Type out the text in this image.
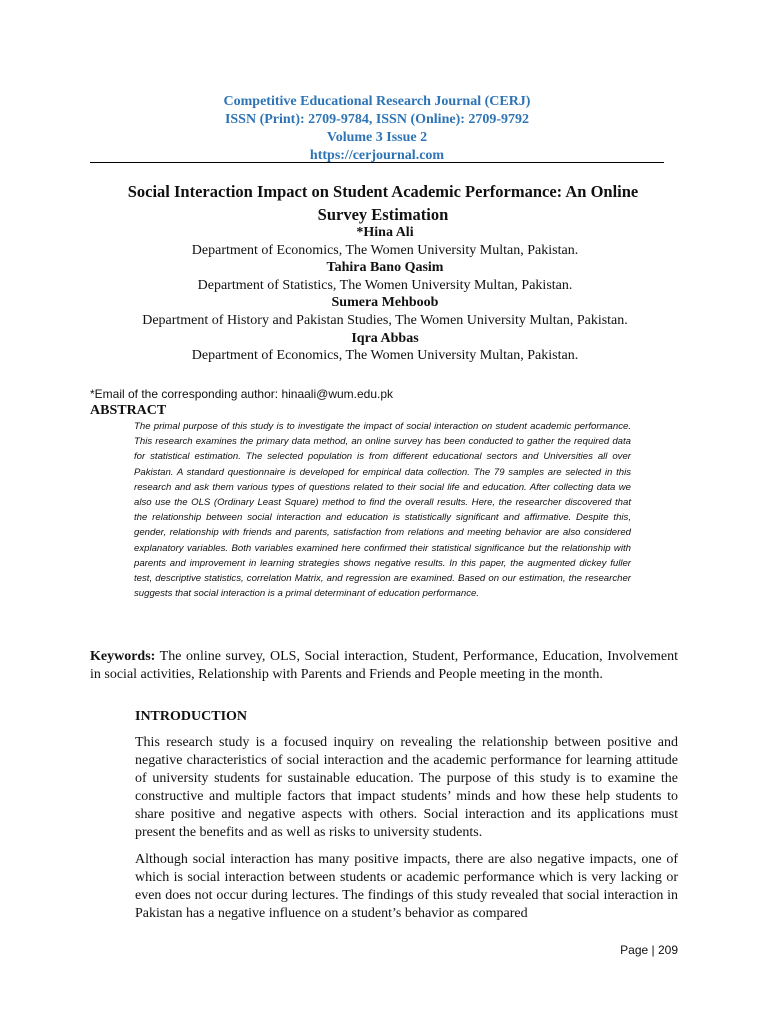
Competitive Educational Research Journal (CERJ)
ISSN (Print): 2709-9784, ISSN (Online): 2709-9792
Volume 3 Issue 2
https://cerjournal.com
Social Interaction Impact on Student Academic Performance: An Online
Survey Estimation
*Hina Ali
Department of Economics, The Women University Multan, Pakistan.
Tahira Bano Qasim
Department of Statistics, The Women University Multan, Pakistan.
Sumera Mehboob
Department of History and Pakistan Studies, The Women University Multan, Pakistan.
Iqra Abbas
Department of Economics, The Women University Multan, Pakistan.
*Email of the corresponding author: hinaali@wum.edu.pk
ABSTRACT
The primal purpose of this study is to investigate the impact of social interaction on student academic performance. This research examines the primary data method, an online survey has been conducted to gather the required data for statistical estimation. The selected population is from different educational sectors and Universities all over Pakistan. A standard questionnaire is developed for empirical data collection. The 79 samples are selected in this research and ask them various types of questions related to their social life and education. After collecting data we also use the OLS (Ordinary Least Square) method to find the overall results. Here, the researcher discovered that the relationship between social interaction and education is statistically significant and affirmative. Despite this, gender, relationship with friends and parents, satisfaction from relations and meeting behavior are also considered explanatory variables. Both variables examined here confirmed their statistical significance but the relationship with parents and improvement in learning strategies shows negative results. In this paper, the augmented dickey fuller test, descriptive statistics, correlation Matrix, and regression are examined. Based on our estimation, the researcher suggests that social interaction is a primal determinant of education performance.
Keywords: The online survey, OLS, Social interaction, Student, Performance, Education, Involvement in social activities, Relationship with Parents and Friends and People meeting in the month.
INTRODUCTION
This research study is a focused inquiry on revealing the relationship between positive and negative characteristics of social interaction and the academic performance for learning attitude of university students for sustainable education. The purpose of this study is to examine the constructive and multiple factors that impact students’ minds and how these help students to share positive and negative aspects with others. Social interaction and its applications must present the benefits and as well as risks to university students.
Although social interaction has many positive impacts, there are also negative impacts, one of which is social interaction between students or academic performance which is very lacking or even does not occur during lectures. The findings of this study revealed that social interaction in Pakistan has a negative influence on a student’s behavior as compared
Page | 209
